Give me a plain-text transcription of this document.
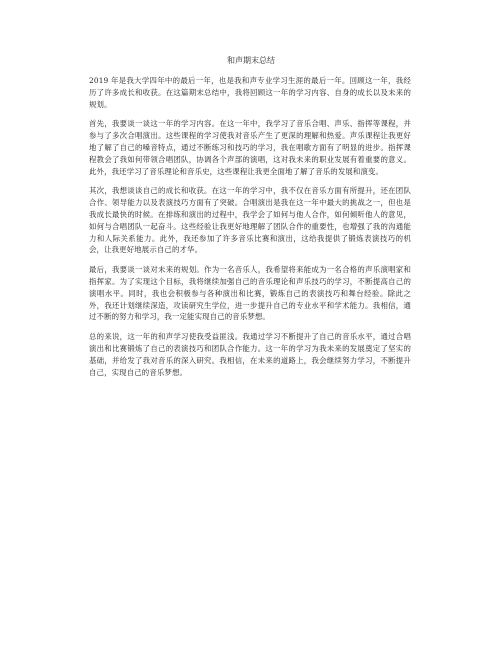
和声期末总结

2019 年是我大学四年中的最后一年，也是我和声专业学习生涯的最后一年。回顾这一年，我经历了许多成长和收获。在这篇期末总结中，我将回顾这一年的学习内容、自身的成长以及未来的规划。

首先，我要谈一谈这一年的学习内容。在这一年中，我学习了音乐合唱、声乐、指挥等课程，并参与了多次合唱演出。这些课程的学习使我对音乐产生了更深的理解和热爱。声乐课程让我更好地了解了自己的嗓音特点，通过不断练习和技巧的学习，我在唱歌方面有了明显的进步。指挥课程教会了我如何带领合唱团队，协调各个声部的演唱，这对我未来的职业发展有着重要的意义。此外，我还学习了音乐理论和音乐史，这些课程让我更全面地了解了音乐的发展和演变。

其次，我想谈谈自己的成长和收获。在这一年的学习中，我不仅在音乐方面有所提升，还在团队合作、领导能力以及表演技巧方面有了突破。合唱演出是我在这一年中最大的挑战之一，但也是我成长最快的时候。在排练和演出的过程中，我学会了如何与他人合作，如何倾听他人的意见，如何与合唱团队一起奋斗。这些经验让我更好地理解了团队合作的重要性，也增强了我的沟通能力和人际关系能力。此外，我还参加了许多音乐比赛和演出，这给我提供了锻炼表演技巧的机会，让我更好地展示自己的才华。

最后，我要谈一谈对未来的规划。作为一名音乐人，我希望将来能成为一名合格的声乐演唱家和指挥家。为了实现这个目标，我将继续加强自己的音乐理论和声乐技巧的学习，不断提高自己的演唱水平。同时，我也会积极参与各种演出和比赛，锻炼自己的表演技巧和舞台经验。除此之外，我还计划继续深造，攻读研究生学位，进一步提升自己的专业水平和学术能力。我相信，通过不断的努力和学习，我一定能实现自己的音乐梦想。

总的来说，这一年的和声学习使我受益匪浅。我通过学习不断提升了自己的音乐水平，通过合唱演出和比赛锻炼了自己的表演技巧和团队合作能力。这一年的学习为我未来的发展奠定了坚实的基础，并给发了我对音乐的深入研究。我相信，在未来的道路上，我会继续努力学习，不断提升自己，实现自己的音乐梦想。
